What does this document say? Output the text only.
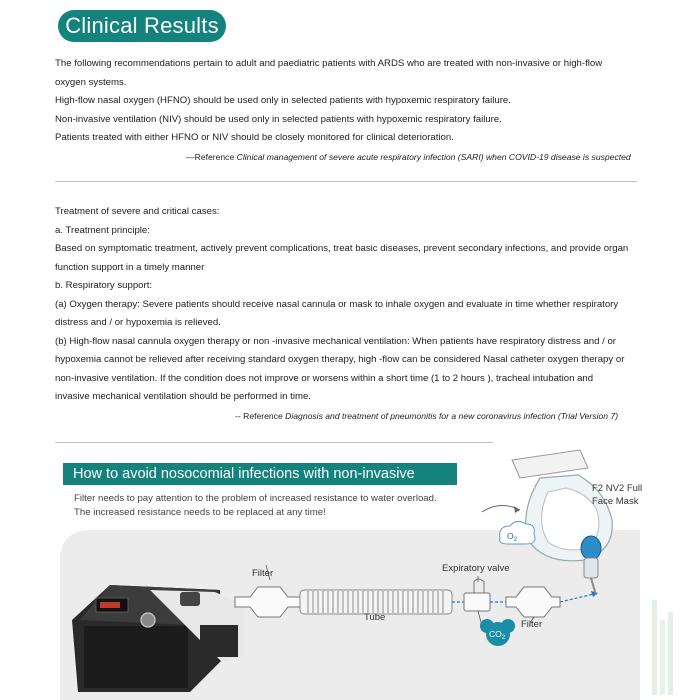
Clinical Results

The following recommendations pertain to adult and paediatric patients with ARDS who are treated with non-invasive or high-flow

oxygen systems.

High-flow nasal oxygen (HFNO) should be used only in selected patients with hypoxemic respiratory failure.

Non-invasive ventilation (NIV) should be used only in selected patients with hypoxemic respiratory failure.

Patients treated with either HFNO or NIV should be closely monitored for clinical deterioration.

—Reference Clinical management of severe acute respiratory infection (SARI) when COVID-19 disease is suspected

Treatment of severe and critical cases:

a. Treatment principle:

Based on symptomatic treatment, actively prevent complications, treat basic diseases, prevent secondary infections, and provide organ

function support in a timely manner

b. Respiratory support:

(a) Oxygen therapy: Severe patients should receive nasal cannula or mask to inhale oxygen and evaluate in time whether respiratory

distress and / or hypoxemia is relieved.

(b) High-flow nasal cannula oxygen therapy or non -invasive mechanical ventilation: When patients have respiratory distress and / or

hypoxemia cannot be relieved after receiving standard oxygen therapy, high -flow can be considered Nasal catheter oxygen therapy or

non-invasive ventilation. If the condition does not improve or worsens within a short time (1 to 2 hours ), tracheal intubation and

invasive mechanical ventilation should be performed in time.

-- Reference Diagnosis and treatment of pneumonitis for a new coronavirus infection (Trial Version 7)
Filter
Tube
Expiratory valve
$CO_2$
Filter
$O_2$
F2 NV2 Full
Face Mask
How to avoid nosocomial infections with non-invasive
Filter needs to pay attention to the problem of increased resistance to water overload.
The increased resistance needs to be replaced at any time!
